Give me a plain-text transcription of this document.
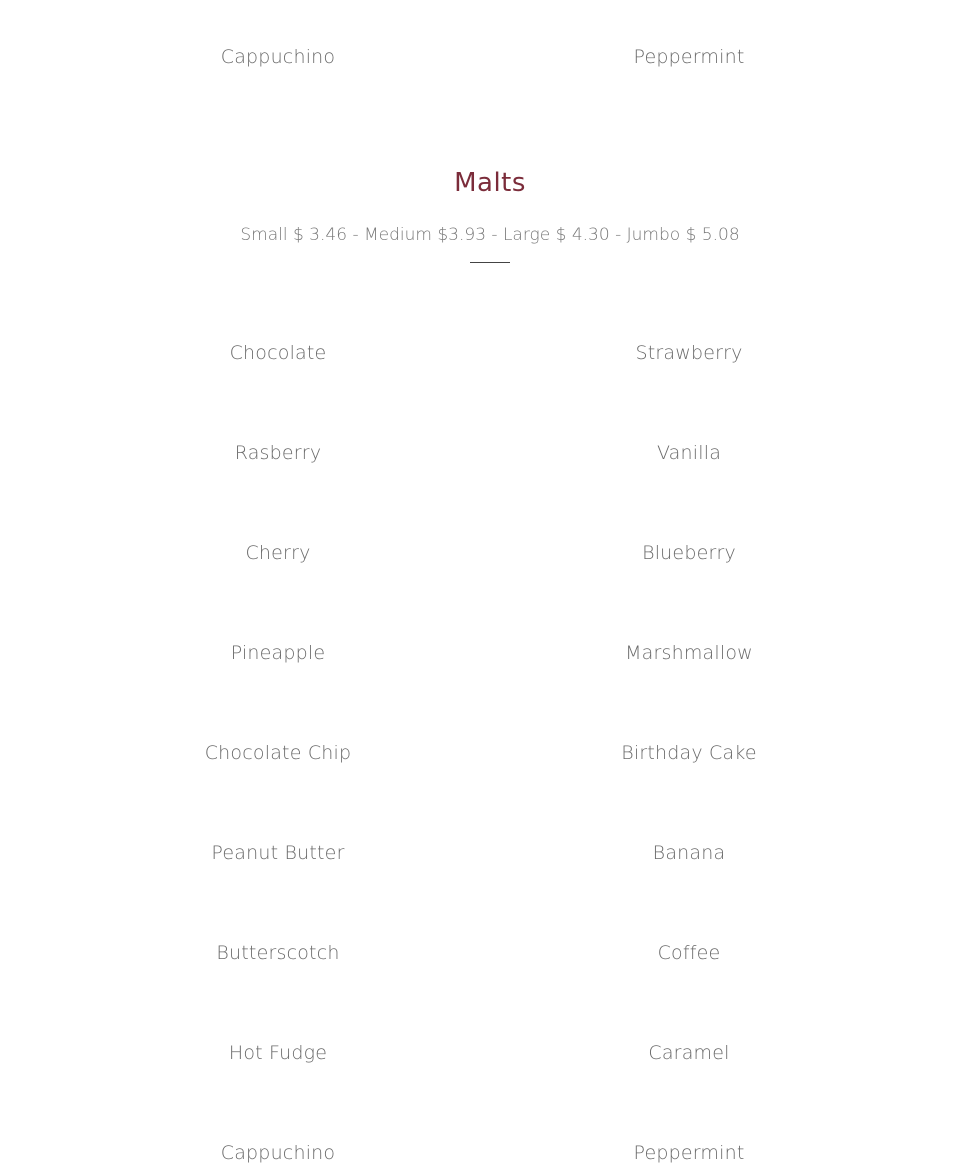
Cappuchino	Peppermint
Malts
Small $ 3.46 - Medium $3.93 - Large $ 4.30 - Jumbo $ 5.08
Chocolate	Strawberry
Rasberry	Vanilla
Cherry	Blueberry
Pineapple	Marshmallow
Chocolate Chip	Birthday Cake
Peanut Butter	Banana
Butterscotch	Coffee
Hot Fudge	Caramel
Cappuchino	Peppermint
